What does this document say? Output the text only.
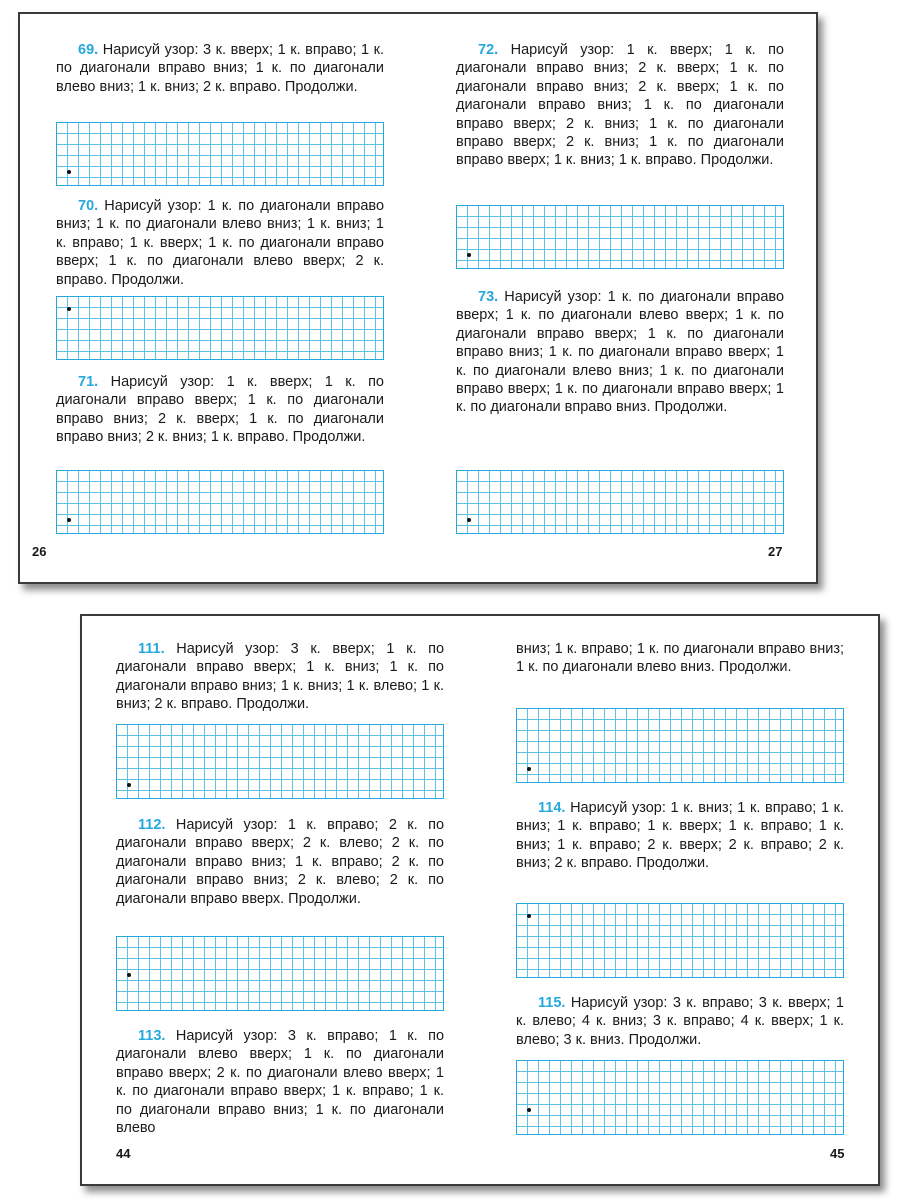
69. Нарисуй узор: 3 к. вверх; 1 к. вправо; 1 к. по диагонали вправо вниз; 1 к. по диагонали влево вниз; 1 к. вниз; 2 к. вправо. Продолжи.

70. Нарисуй узор: 1 к. по диагонали вправо вниз; 1 к. по диагонали влево вниз; 1 к. вниз; 1 к. вправо; 1 к. вверх; 1 к. по диагонали вправо вверх; 1 к. по диагонали влево вверх; 2 к. вправо. Продолжи.

71. Нарисуй узор: 1 к. вверх; 1 к. по диагонали вправо вверх; 1 к. по диагонали вправо вниз; 2 к. вверх; 1 к. по диагонали вправо вниз; 2 к. вниз; 1 к. вправо. Продолжи.

26

72. Нарисуй узор: 1 к. вверх; 1 к. по диагонали вправо вниз; 2 к. вверх; 1 к. по диагонали вправо вниз; 2 к. вверх; 1 к. по диагонали вправо вниз; 1 к. по диагонали вправо вверх; 2 к. вниз; 1 к. по диагонали вправо вверх; 2 к. вниз; 1 к. по диагонали вправо вверх; 1 к. вниз; 1 к. вправо. Продолжи.

73. Нарисуй узор: 1 к. по диагонали вправо вверх; 1 к. по диагонали влево вверх; 1 к. по диагонали вправо вверх; 1 к. по диагонали вправо вниз; 1 к. по диагонали вправо вверх; 1 к. по диагонали влево вниз; 1 к. по диагонали вправо вверх; 1 к. по диагонали вправо вверх; 1 к. по диагонали вправо вниз. Продолжи.

27

111. Нарисуй узор: 3 к. вверх; 1 к. по диагонали вправо вверх; 1 к. вниз; 1 к. по диагонали вправо вниз; 1 к. вниз; 1 к. влево; 1 к. вниз; 2 к. вправо. Продолжи.

112. Нарисуй узор: 1 к. вправо; 2 к. по диагонали вправо вверх; 2 к. влево; 2 к. по диагонали вправо вниз; 1 к. вправо; 2 к. по диагонали вправо вниз; 2 к. влево; 2 к. по диагонали вправо вверх. Продолжи.

113. Нарисуй узор: 3 к. вправо; 1 к. по диагонали влево вверх; 1 к. по диагонали вправо вверх; 2 к. по диагонали влево вверх; 1 к. по диагонали вправо вверх; 1 к. вправо; 1 к. по диагонали вправо вниз; 1 к. по диагонали влево

44

вниз; 1 к. вправо; 1 к. по диагонали вправо вниз; 1 к. по диагонали влево вниз. Продолжи.

114. Нарисуй узор: 1 к. вниз; 1 к. вправо; 1 к. вниз; 1 к. вправо; 1 к. вверх; 1 к. вправо; 1 к. вниз; 1 к. вправо; 2 к. вверх; 2 к. вправо; 2 к. вниз; 2 к. вправо. Продолжи.

115. Нарисуй узор: 3 к. вправо; 3 к. вверх; 1 к. влево; 4 к. вниз; 3 к. вправо; 4 к. вверх; 1 к. влево; 3 к. вниз. Продолжи.

45
